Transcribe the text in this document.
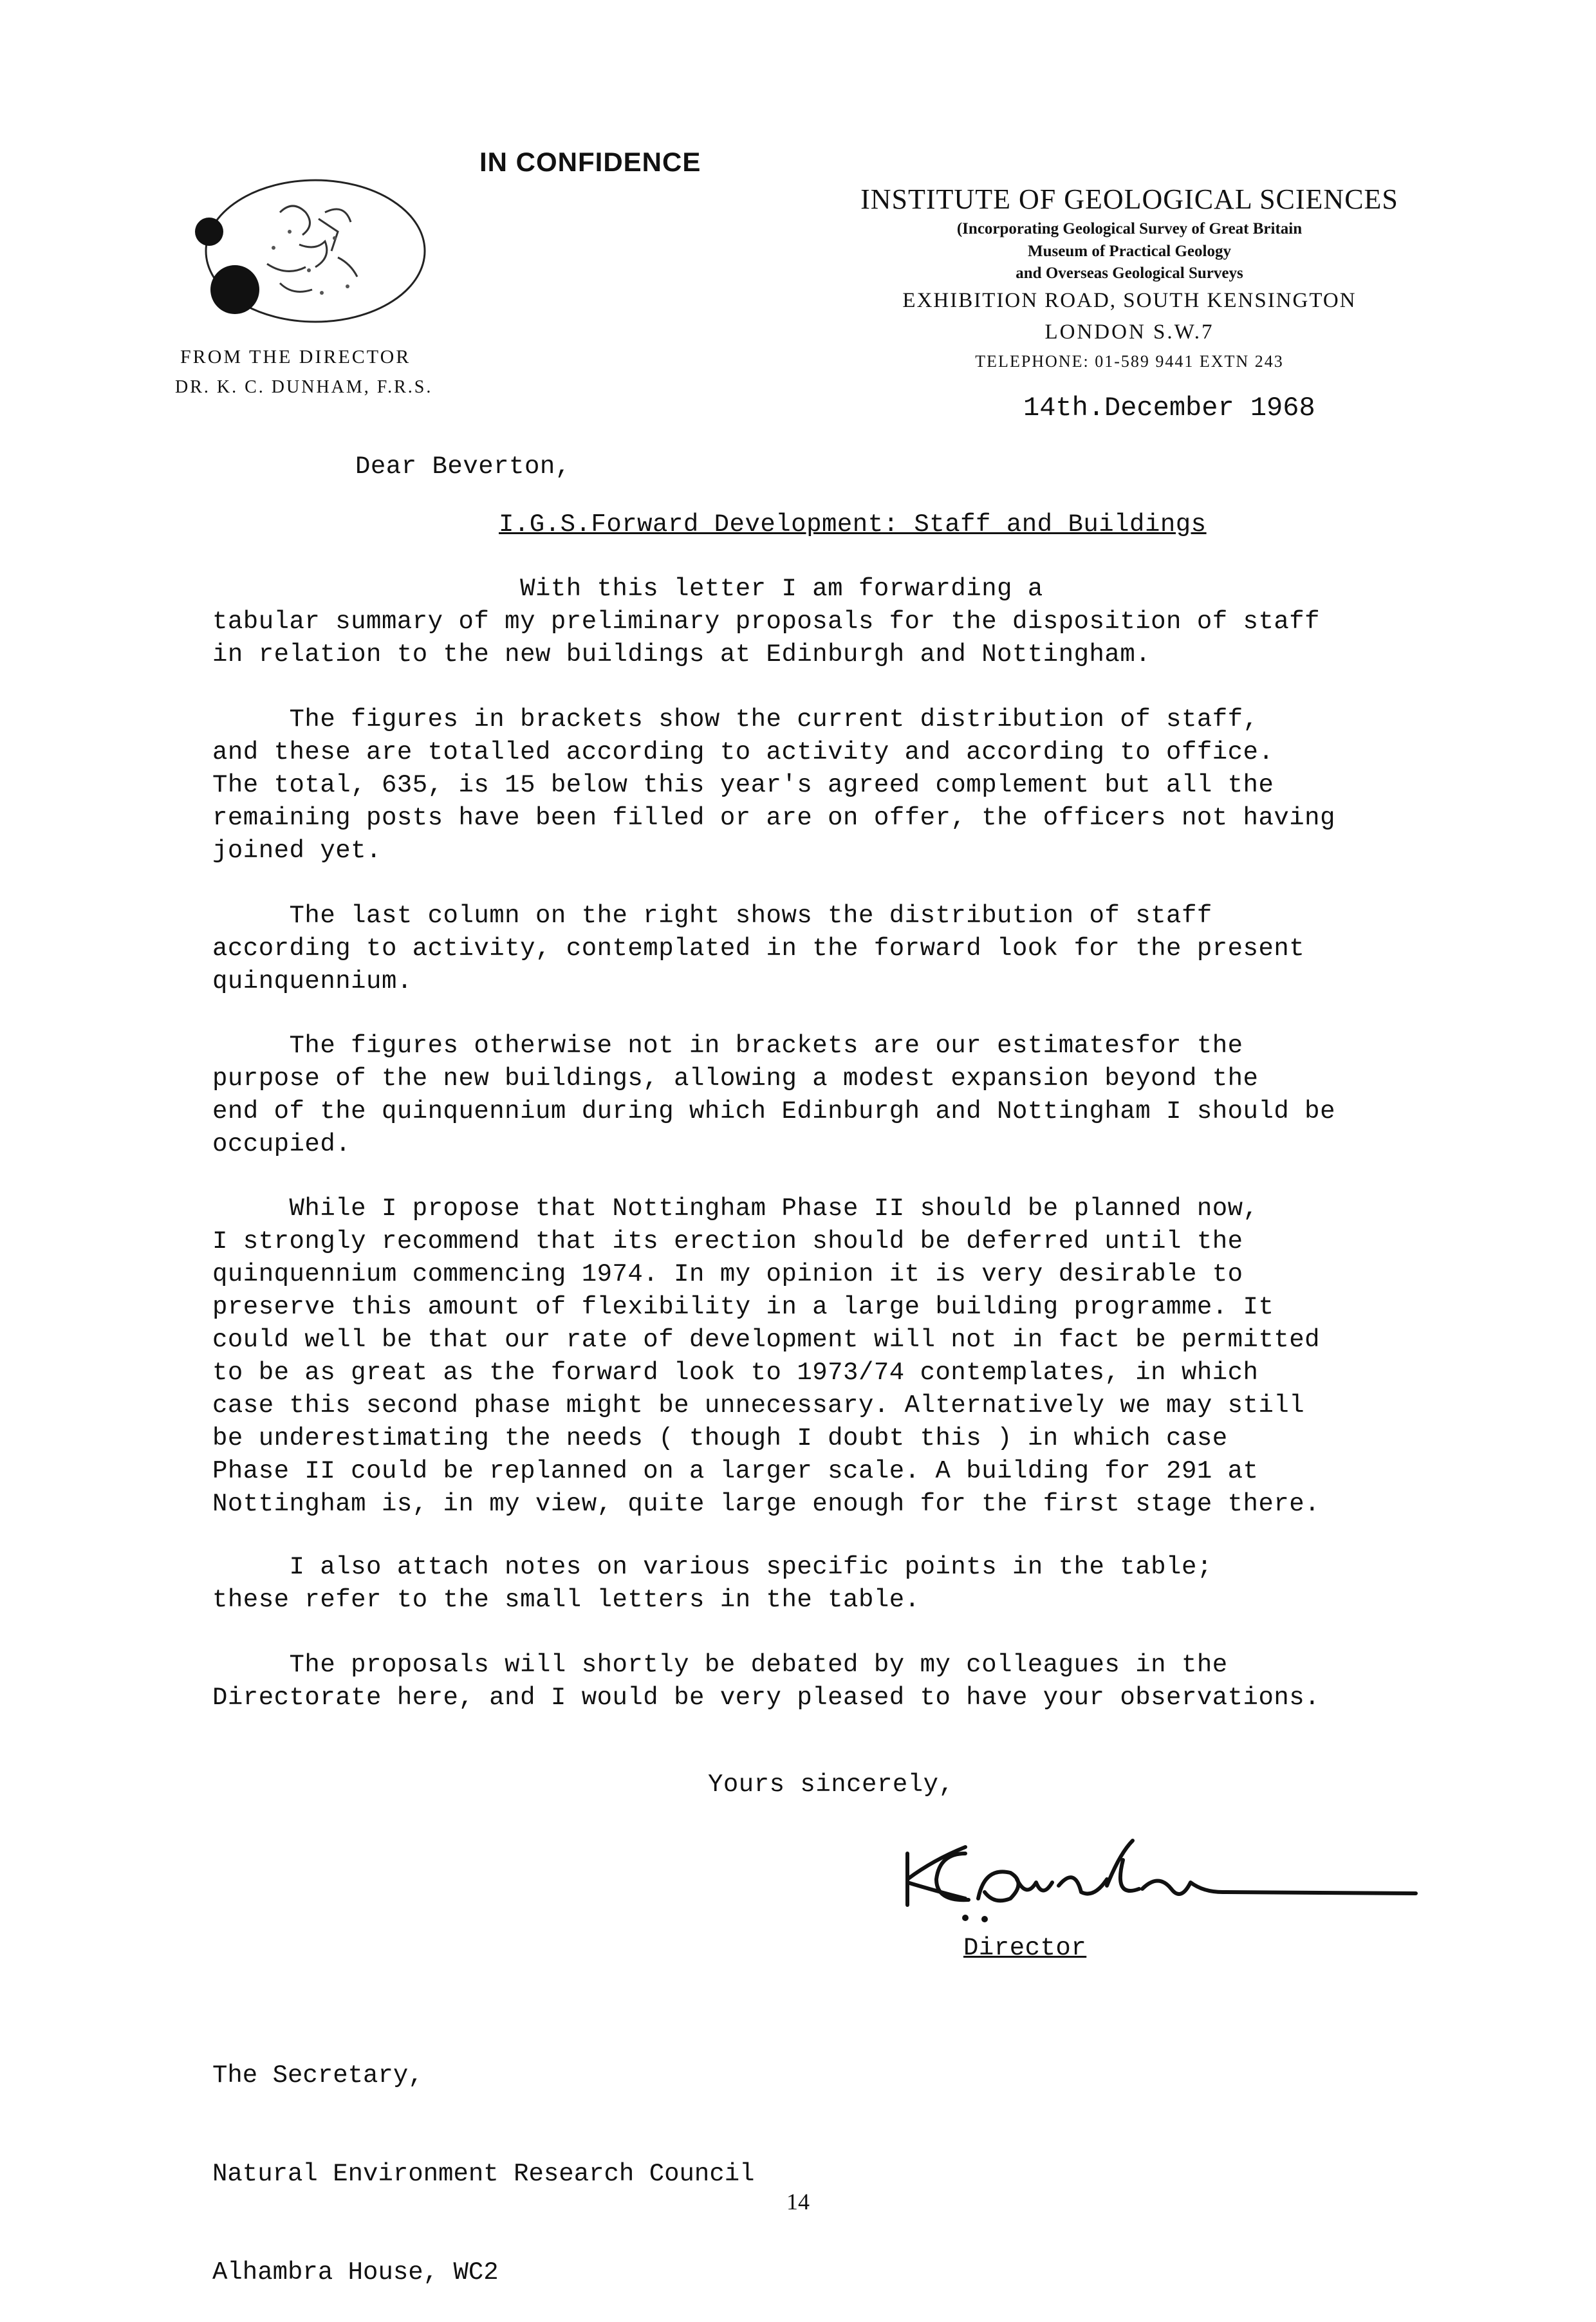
IN CONFIDENCE
FROM THE DIRECTOR
DR. K. C. DUNHAM, F.R.S.
INSTITUTE OF GEOLOGICAL SCIENCES
(Incorporating Geological Survey of Great Britain
Museum of Practical Geology
and Overseas Geological Surveys
EXHIBITION ROAD, SOUTH KENSINGTON
LONDON S.W.7
TELEPHONE: 01-589 9441 EXTN 243
14th.December 1968
Dear Beverton,
I.G.S.Forward Development: Staff and Buildings
With this letter I am forwarding a
tabular summary of my preliminary proposals for the disposition of staff
in relation to the new buildings at Edinburgh and Nottingham.
The figures in brackets show the current distribution of staff,
and these are totalled according to activity and according to office.
The total, 635, is 15 below this year's agreed complement but all the
remaining posts have been filled or are on offer, the officers not having
joined yet.
The last column on the right shows the distribution of staff
according to activity, contemplated in the forward look for the present
quinquennium.
The figures otherwise not in brackets are our estimatesfor the
purpose of the new buildings, allowing a modest expansion beyond the
end of the quinquennium during which Edinburgh and Nottingham I should be
occupied.
While I propose that Nottingham Phase II should be planned now,
I strongly recommend that its erection should be deferred until the
quinquennium commencing 1974. In my opinion it is very desirable to
preserve this amount of flexibility in a large building programme. It
could well be that our rate of development will not in fact be permitted
to be as great as the forward look to 1973/74 contemplates, in which
case this second phase might be unnecessary. Alternatively we may still
be underestimating the needs ( though I doubt this ) in which case
Phase II could be replanned on a larger scale. A building for 291 at
Nottingham is, in my view, quite large enough for the first stage there.
I also attach notes on various specific points in the table;
these refer to the small letters in the table.
The proposals will shortly be debated by my colleagues in the
Directorate here, and I would be very pleased to have your observations.
Yours sincerely,
Director

The Secretary,

Natural Environment Research Council

Alhambra House, WC2

14
